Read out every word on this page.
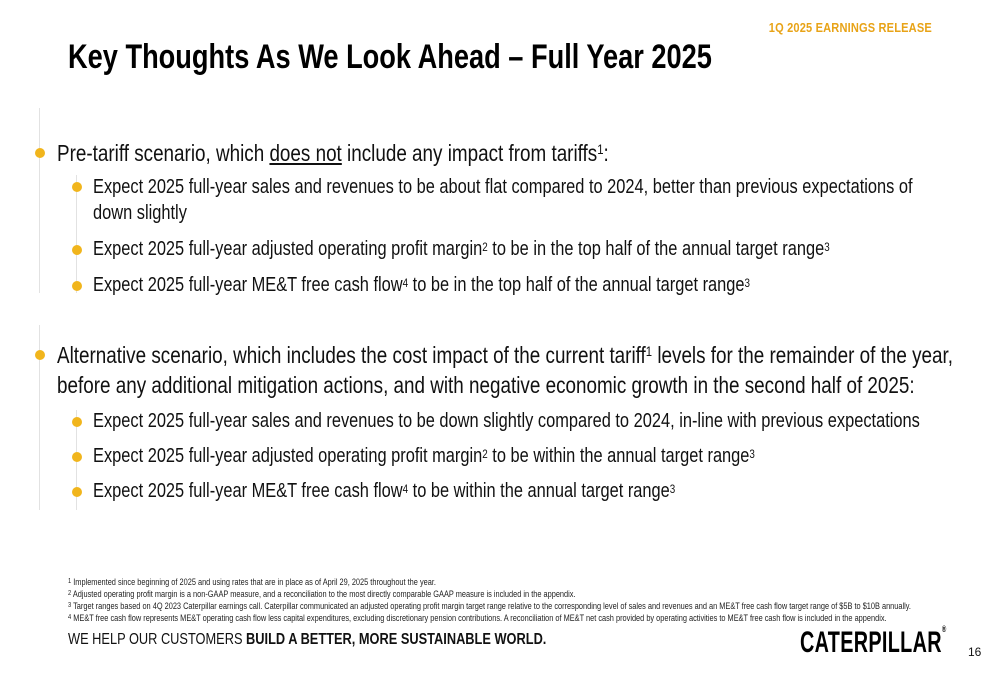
1Q 2025 EARNINGS RELEASE
Key Thoughts As We Look Ahead – Full Year 2025
Pre-tariff scenario, which does not include any impact from tariffs$^1$:
Expect 2025 full-year sales and revenues to be about flat compared to 2024, better than previous expectations of
down slightly
Expect 2025 full-year adjusted operating profit margin$^2$ to be in the top half of the annual target range$^3$
Expect 2025 full-year ME&T free cash flow$^4$ to be in the top half of the annual target range$^3$
Alternative scenario, which includes the cost impact of the current tariff$^1$ levels for the remainder of the year,
before any additional mitigation actions, and with negative economic growth in the second half of 2025:
Expect 2025 full-year sales and revenues to be down slightly compared to 2024, in-line with previous expectations
Expect 2025 full-year adjusted operating profit margin$^2$ to be within the annual target range$^3$
Expect 2025 full-year ME&T free cash flow$^4$ to be within the annual target range$^3$
$^1$ Implemented since beginning of 2025 and using rates that are in place as of April 29, 2025 throughout the year.
$^2$ Adjusted operating profit margin is a non-GAAP measure, and a reconciliation to the most directly comparable GAAP measure is included in the appendix.
$^3$ Target ranges based on 4Q 2023 Caterpillar earnings call. Caterpillar communicated an adjusted operating profit margin target range relative to the corresponding level of sales and revenues and an ME&T free cash flow target range of $5B to $10B annually.
$^4$ ME&T free cash flow represents ME&T operating cash flow less capital expenditures, excluding discretionary pension contributions. A reconciliation of ME&T net cash provided by operating activities to ME&T free cash flow is included in the appendix.
WE HELP OUR CUSTOMERS BUILD A BETTER, MORE SUSTAINABLE WORLD.	CATERPILLAR®
16
